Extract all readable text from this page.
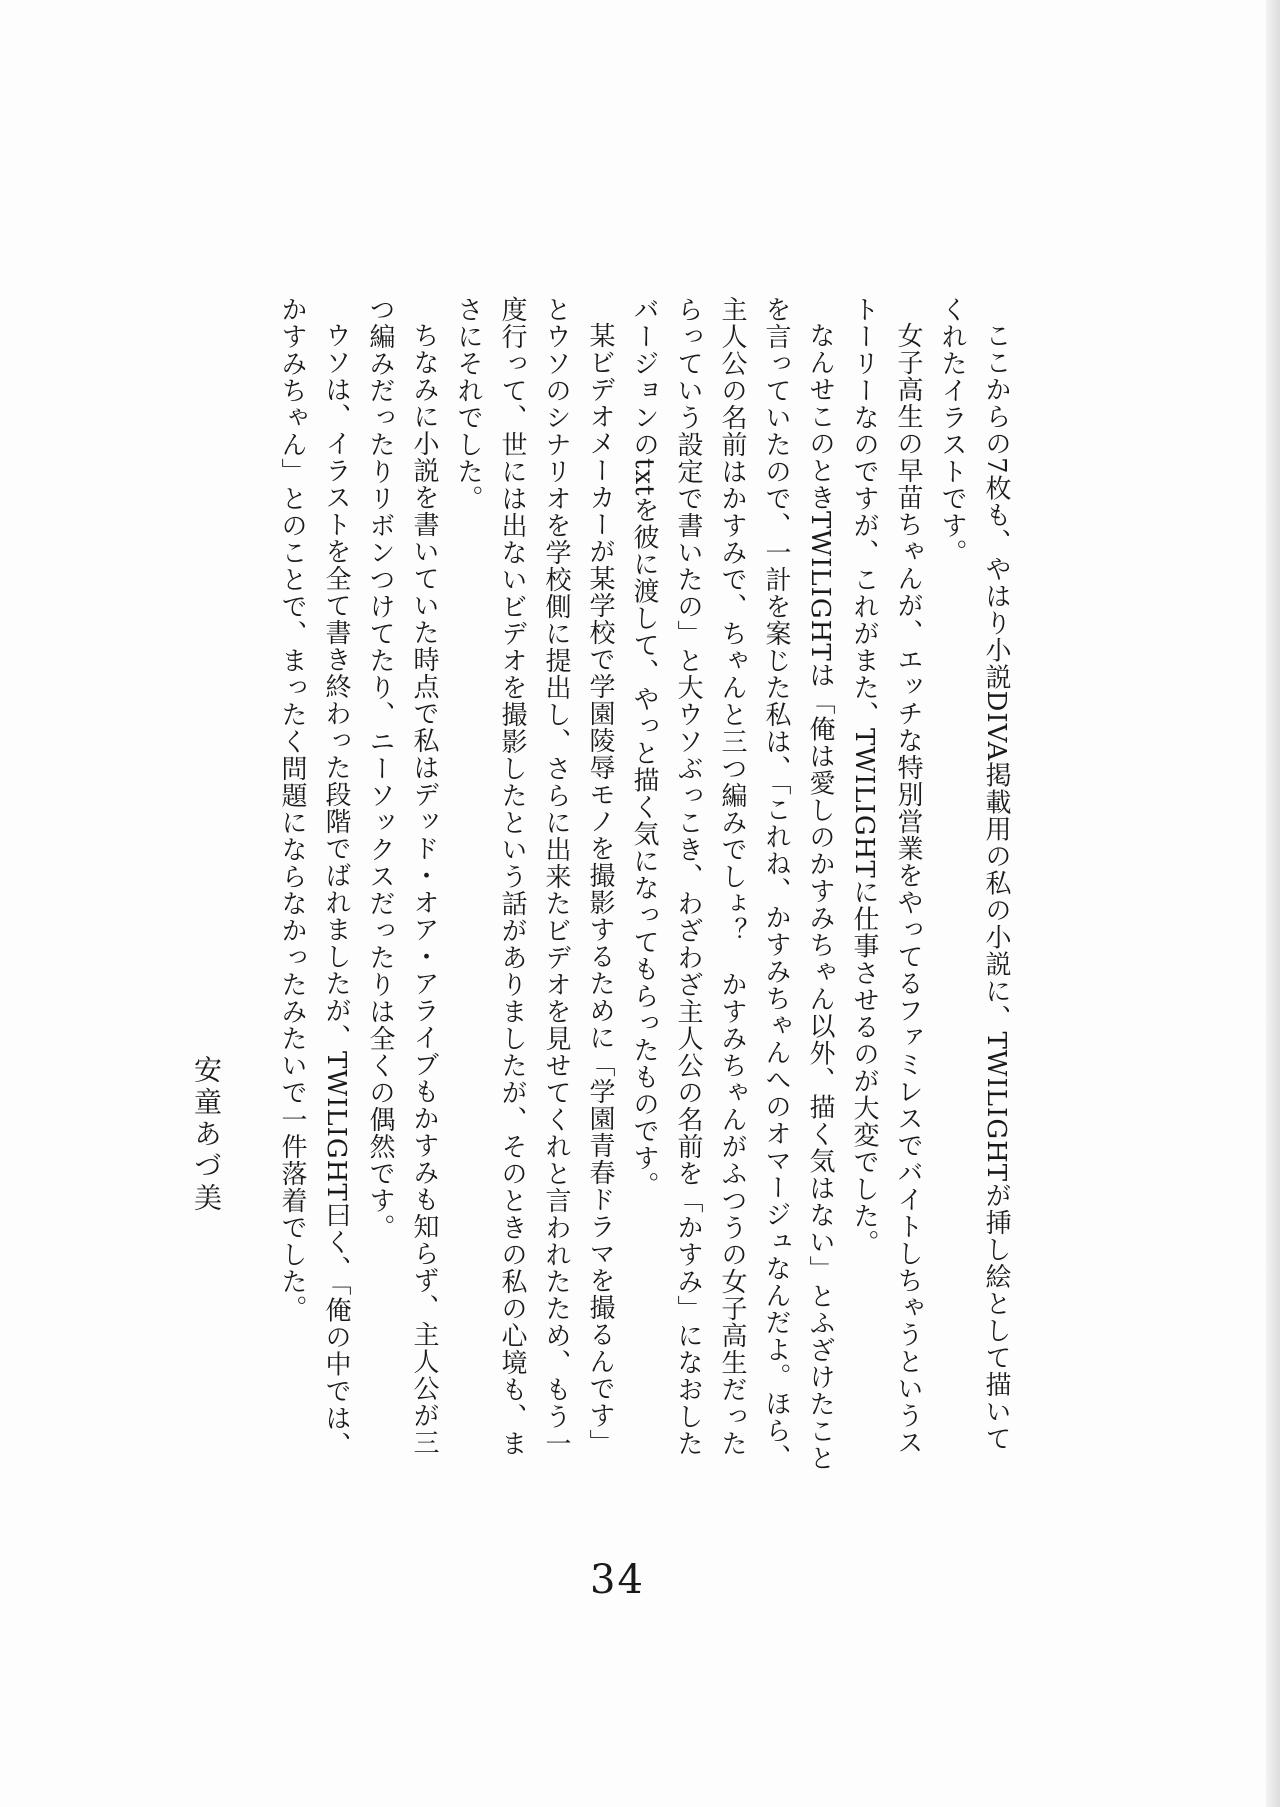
ここからの7枚も、やはり小説DIVA掲載用の私の小説に、TWILIGHTが挿し絵として描いてくれたイラストです。

女子高生の早苗ちゃんが、エッチな特別営業をやってるファミレスでバイトしちゃうというストーリーなのですが、これがまた、TWILIGHTに仕事させるのが大変でした。

なんせこのときTWILIGHTは「俺は愛しのかすみちゃん以外、描く気はない」とふざけたことを言っていたので、一計を案じた私は、「これね、かすみちゃんへのオマージュなんだよ。ほら、主人公の名前はかすみで、ちゃんと三つ編みでしょ？　かすみちゃんがふつうの女子高生だったらっていう設定で書いたの」と大ウソぶっこき、わざわざ主人公の名前を「かすみ」になおしたバージョンのtxtを彼に渡して、やっと描く気になってもらったものです。

某ビデオメーカーが某学校で学園陵辱モノを撮影するために「学園青春ドラマを撮るんです」とウソのシナリオを学校側に提出し、さらに出来たビデオを見せてくれと言われたため、もう一度行って、世には出ないビデオを撮影したという話がありましたが、そのときの私の心境も、まさにそれでした。

ちなみに小説を書いていた時点で私はデッド・オア・アライブもかすみも知らず、主人公が三つ編みだったりリボンつけてたり、ニーソックスだったりは全くの偶然です。

ウソは、イラストを全て書き終わった段階でばれましたが、TWILIGHT曰く、「俺の中では、かすみちゃん」とのことで、まったく問題にならなかったみたいで一件落着でした。

安童あづ美
34
